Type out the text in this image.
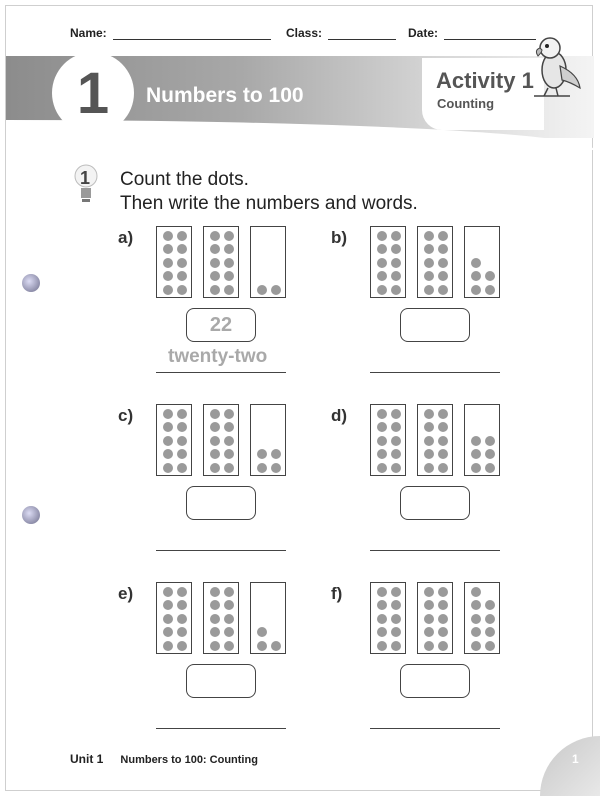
Name:	Class:	Date:
1 Numbers to 100
Activity 1
Counting
1 Count the dots.
Then write the numbers and words.
a)
22
twenty-two
b)
c)	d)
e)	f)
Unit 1 Numbers to 100: Counting	1
